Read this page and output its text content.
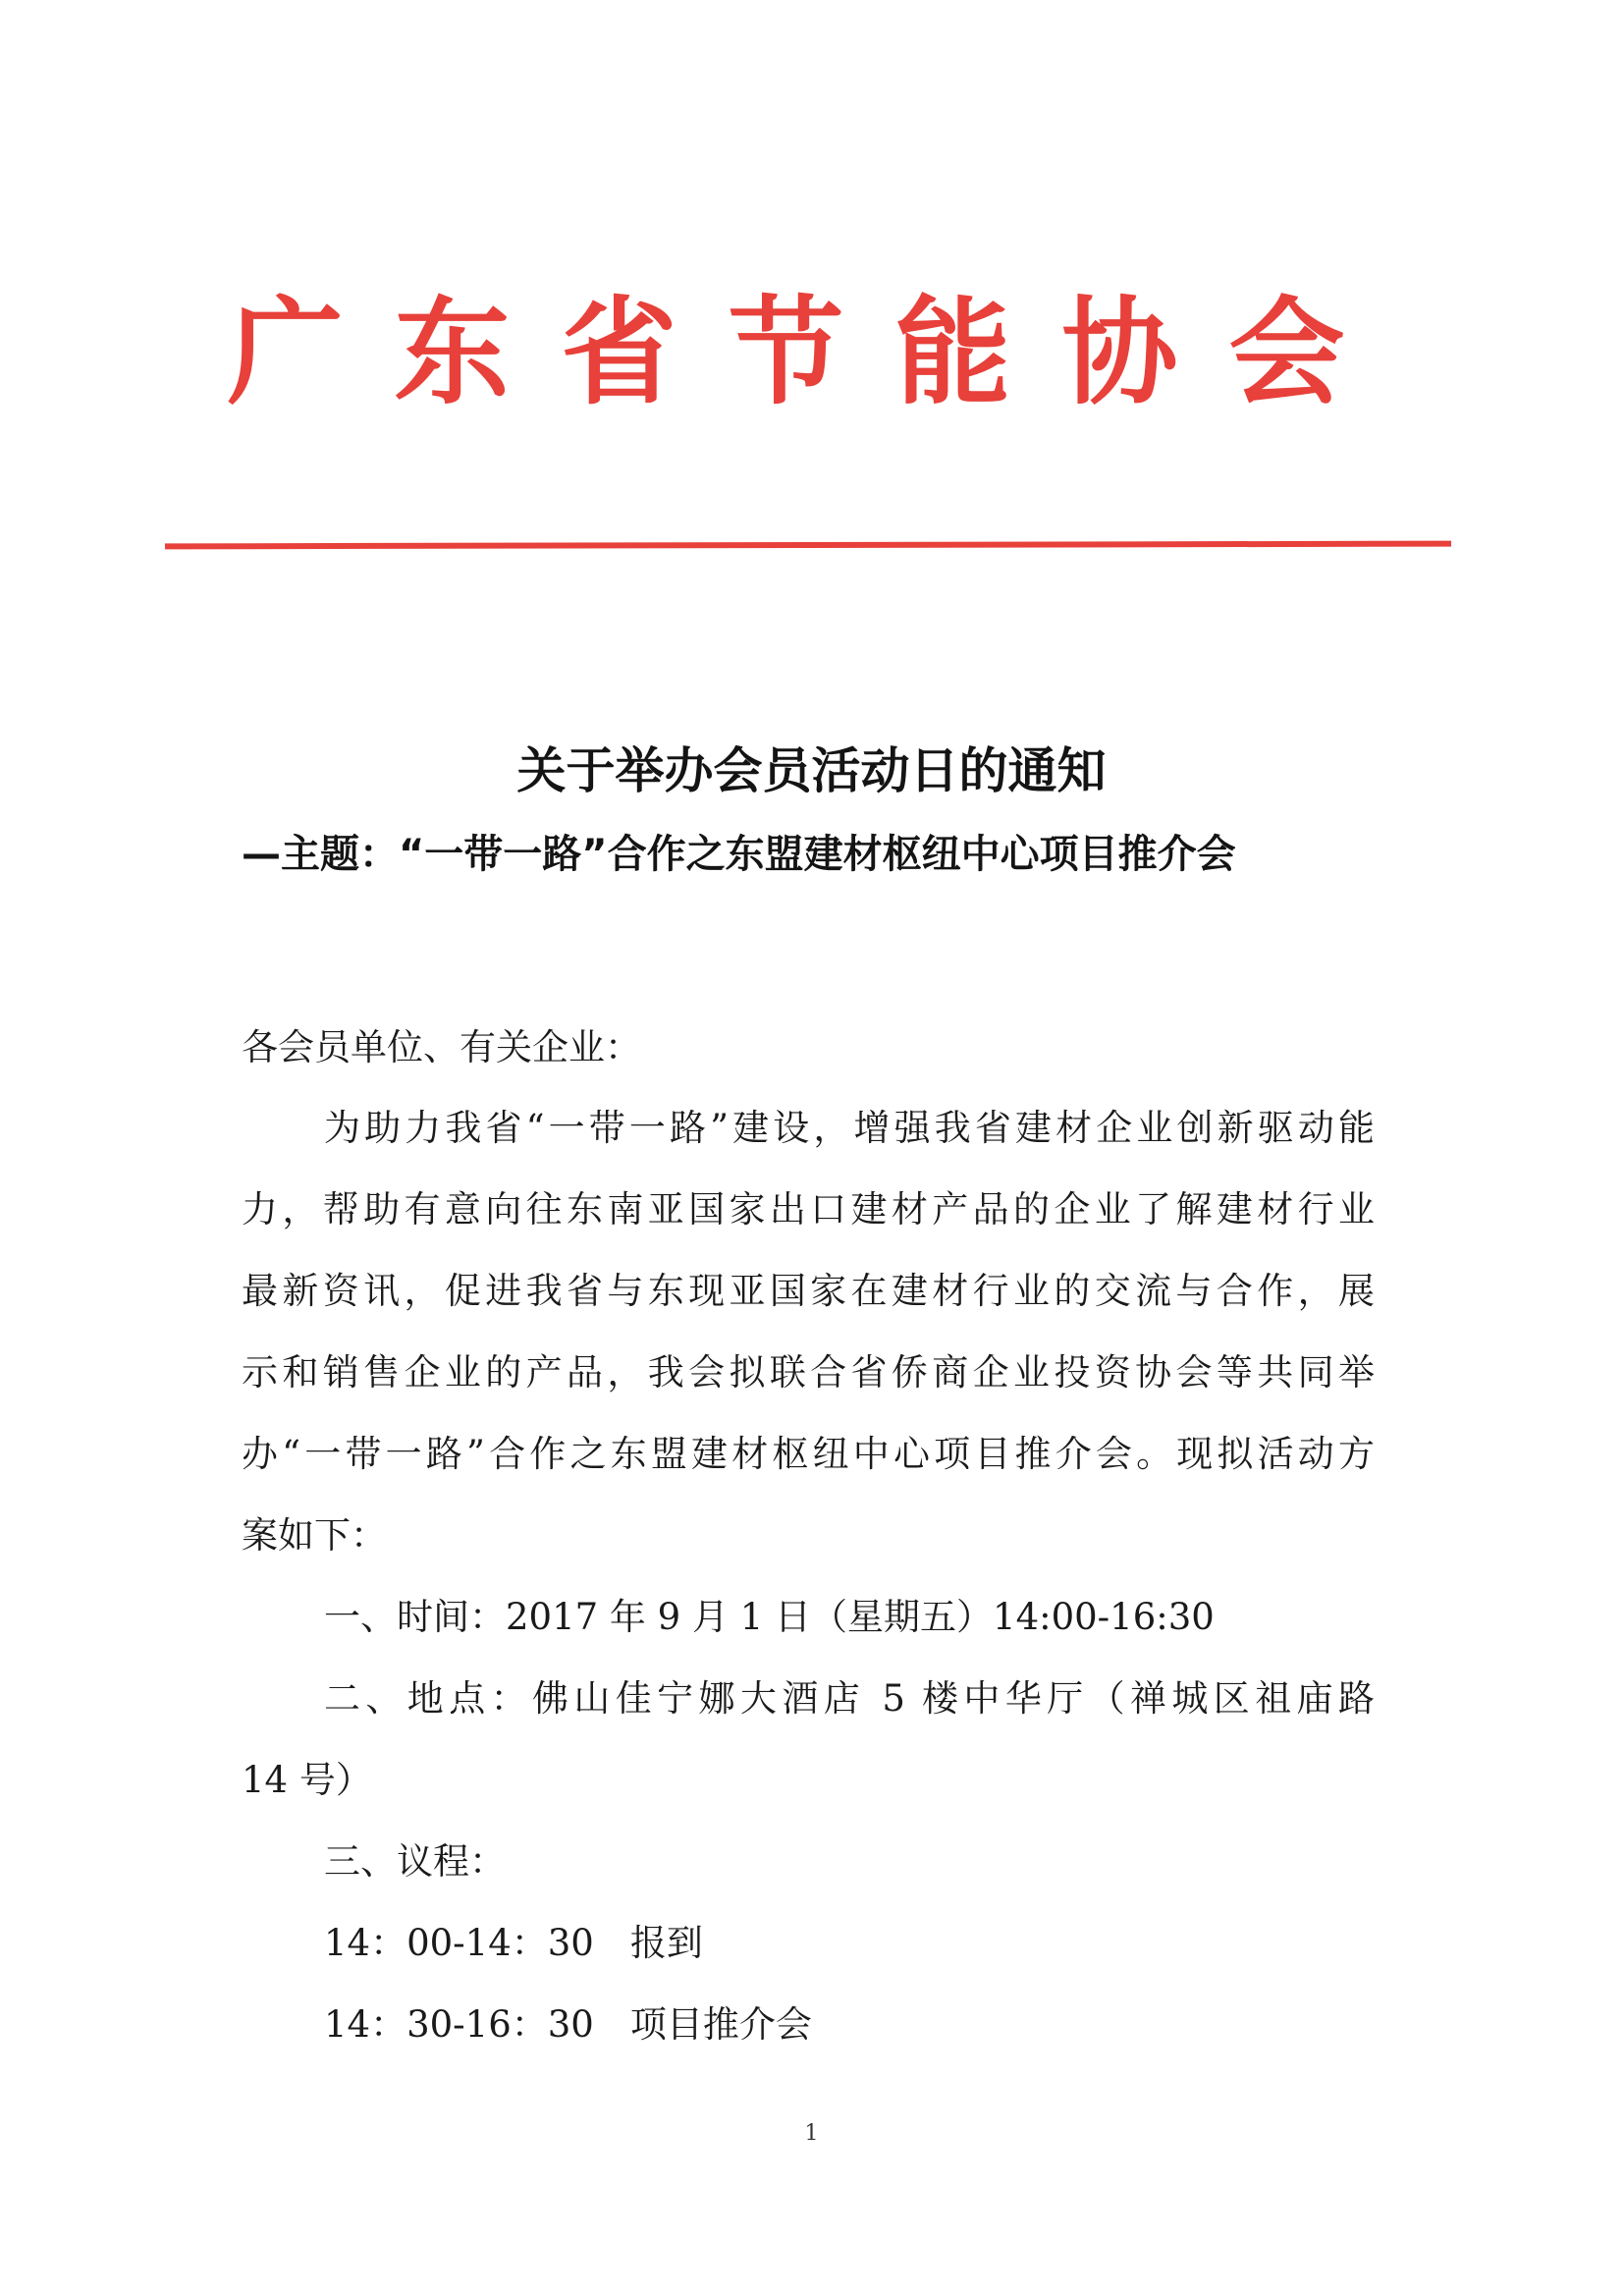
广东省节能协会
关于举办会员活动日的通知
—主题：“一带一路”合作之东盟建材枢纽中心项目推介会
各会员单位、有关企业：
为助力我省“一带一路”建设，增强我省建材企业创新驱动能
力，帮助有意向往东南亚国家出口建材产品的企业了解建材行业
最新资讯，促进我省与东现亚国家在建材行业的交流与合作，展
示和销售企业的产品，我会拟联合省侨商企业投资协会等共同举
办“一带一路”合作之东盟建材枢纽中心项目推介会。现拟活动方
案如下：
一、时间：2017 年 9 月 1 日（星期五）14:00-16:30
二、地点：佛山佳宁娜大酒店 5 楼中华厅（禅城区祖庙路
14 号）
三、议程：
14：00-14：30　报到
14：30-16：30　项目推介会
1
